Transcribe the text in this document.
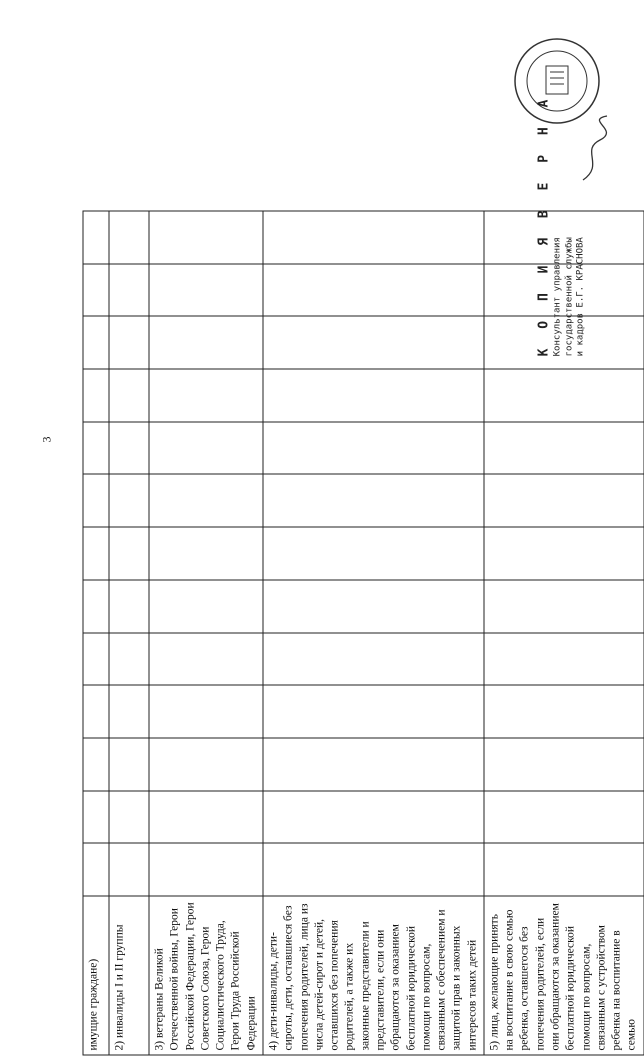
3
имущие граждане)													
2) инвалиды I и II группы													
3) ветераны Великой Отечественной войны, Герои Российской Федерации, Герои Советского Союза, Герои Социалистического Труда, Герои Труда Российской Федерации													
4) дети-инвалиды, дети-сироты, дети, оставшиеся без попечения родителей, лица из числа детей-сирот и детей, оставшихся без попечения родителей, а также их законные представители и представители, если они обращаются за оказанием бесплатной юридической помощи по вопросам, связанным с обеспечением и защитой прав и законных интересов таких детей													
5) лица, желающие принять на воспитание в свою семью ребенка, оставшегося без попечения родителей, если они обращаются за оказанием бесплатной юридической помощи по вопросам, связанным с устройством ребенка на воспитание в семью													
К О П И Я В Е Р Н А Консультант управления государственной службы и кадров Е.Г. КРАСНОВА
